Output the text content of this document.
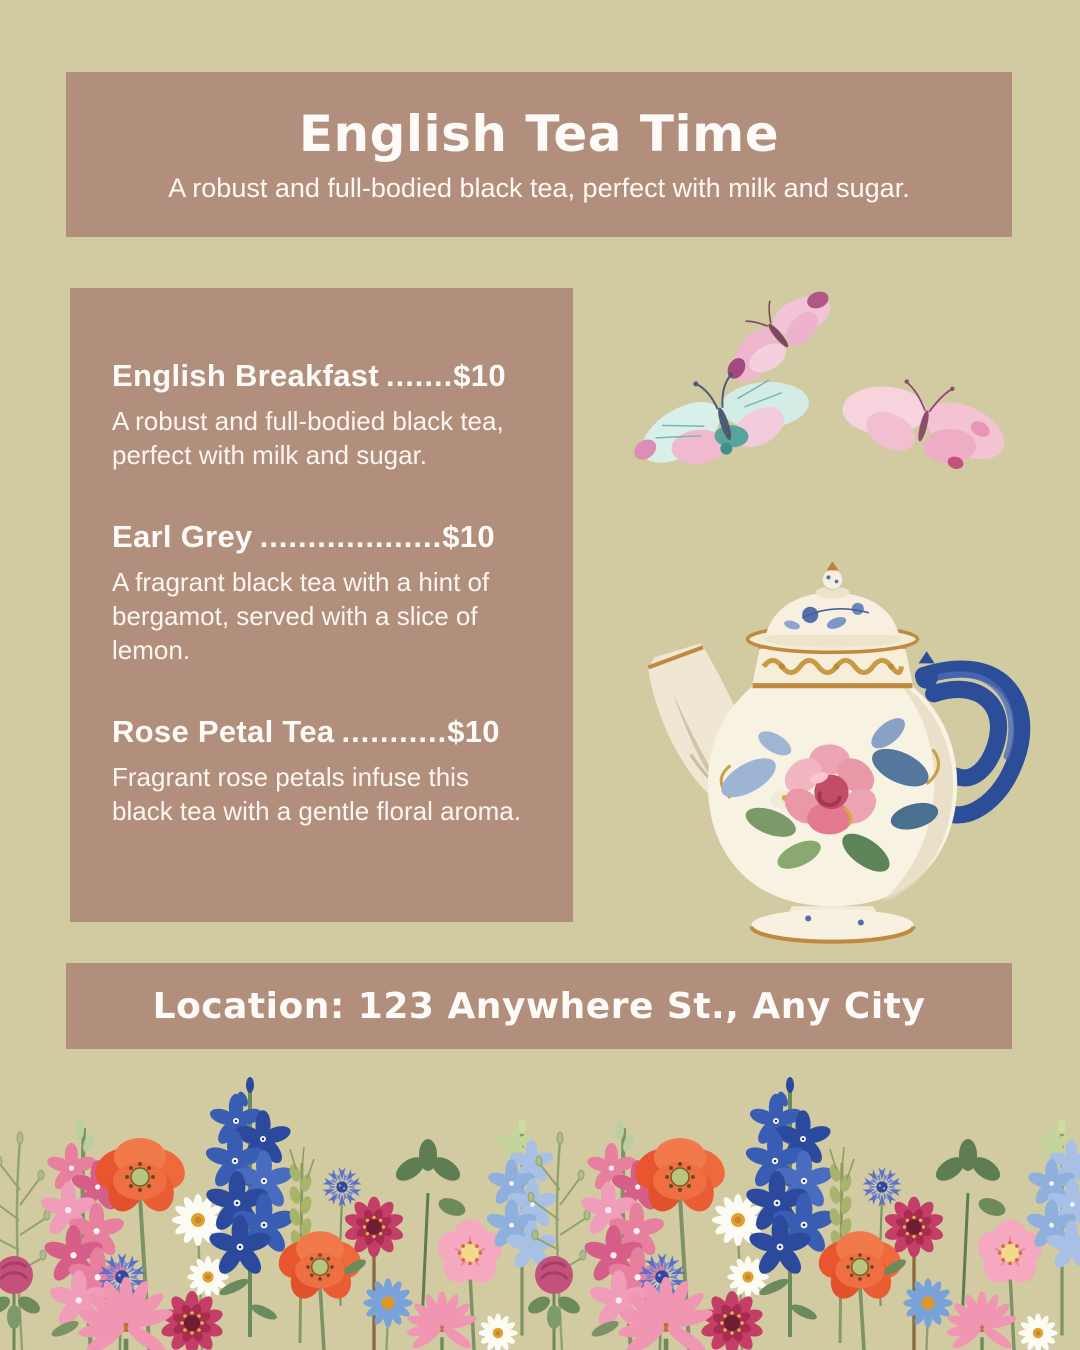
English Tea Time

A robust and full-bodied black tea, perfect with milk and sugar.

English Breakfast .......$10

A robust and full-bodied black tea, perfect with milk and sugar.

Earl Grey ...................$10

A fragrant black tea with a hint of bergamot, served with a slice of lemon.

Rose Petal Tea ...........$10

Fragrant rose petals infuse this black tea with a gentle floral aroma.

Location: 123 Anywhere St., Any City
